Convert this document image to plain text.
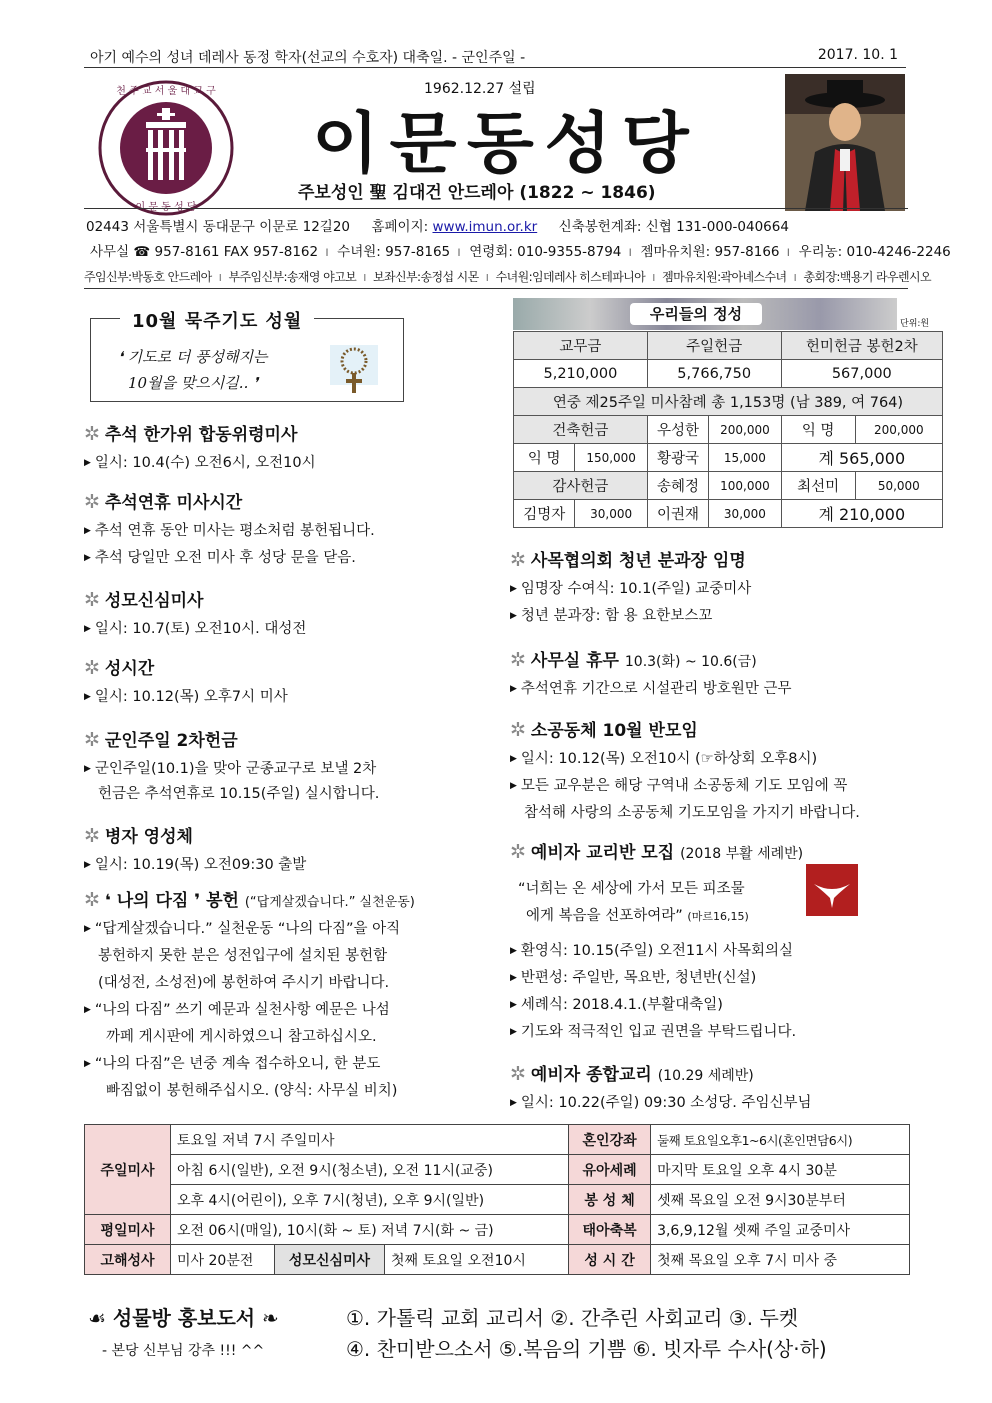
아기 예수의 성녀 데레사 동정 학자(선교의 수호자) 대축일. - 군인주일 -	2017. 10. 1
천 주 교 서 울 대 교 구
이 문 동 성 당
1962.12.27 설립
이문동성당
주보성인 聖 김대건 안드레아 (1822 ~ 1846)
02443 서울특별시 동대문구 이문로 12길20 홈페이지: www.imun.or.kr 신축봉헌계좌: 신협 131-000-040664
사무실 ☎ 957-8161 FAX 957-8162 ı 수녀원: 957-8165 ı 연령회: 010-9355-8794 ı 젬마유치원: 957-8166 ı 우리농: 010-4246-2246
주임신부:박동호 안드레아 ı 부주임신부:송재영 야고보 ı 보좌신부:송정섭 시몬 ı 수녀원:임데레사 히스테파니아 ı 젬마유치원:곽아녜스수녀 ı 총회장:백용기 라우렌시오
10월 묵주기도 성월
❛ 기도로 더 풍성해지는
10월을 맞으시길.. ❜
✲ 추석 한가위 합동위령미사
▶ 일시: 10.4(수) 오전6시, 오전10시
✲ 추석연휴 미사시간
▶ 추석 연휴 동안 미사는 평소처럼 봉헌됩니다.
▶ 추석 당일만 오전 미사 후 성당 문을 닫음.
✲ 성모신심미사
▶ 일시: 10.7(토) 오전10시. 대성전
✲ 성시간
▶ 일시: 10.12(목) 오후7시 미사
✲ 군인주일 2차헌금
▶ 군인주일(10.1)을 맞아 군종교구로 보낼 2차
헌금은 추석연휴로 10.15(주일) 실시합니다.
✲ 병자 영성체
▶ 일시: 10.19(목) 오전09:30 출발
✲ ❛ 나의 다짐 ❜ 봉헌 (“답게살겠습니다.” 실천운동)
▶ “답게살겠습니다.” 실천운동 “나의 다짐”을 아직
봉헌하지 못한 분은 성전입구에 설치된 봉헌함
(대성전, 소성전)에 봉헌하여 주시기 바랍니다.
▶ “나의 다짐” 쓰기 예문과 실천사항 예문은 나섬
까페 게시판에 게시하였으니 참고하십시오.
▶ “나의 다짐”은 년중 계속 접수하오니, 한 분도
빠짐없이 봉헌해주십시오. (양식: 사무실 비치)
우리들의 정성
단위:원
교무금		주일헌금		헌미헌금 봉헌2차	
5,210,000		5,766,750		567,000	
연중 제25주일 미사참례 총 1,153명 (남 389, 여 764)					
건축헌금		우성한	200,000	익 명	200,000
익 명	150,000	황광국	15,000	계 565,000	
감사헌금		송혜정	100,000	최선미	50,000
김명자	30,000	이권재	30,000	계 210,000	
✲ 사목협의회 청년 분과장 임명
▶ 임명장 수여식: 10.1(주일) 교중미사
▶ 청년 분과장: 함 용 요한보스꼬
✲ 사무실 휴무 10.3(화) ~ 10.6(금)
▶ 추석연휴 기간으로 시설관리 방호원만 근무
✲ 소공동체 10월 반모임
▶ 일시: 10.12(목) 오전10시 (☞하상회 오후8시)
▶ 모든 교우분은 해당 구역내 소공동체 기도 모임에 꼭
참석해 사랑의 소공동체 기도모임을 가지기 바랍니다.
✲ 예비자 교리반 모집 (2018 부활 세례반)
“너희는 온 세상에 가서 모든 피조물
에게 복음을 선포하여라” (마르16,15)
▶ 환영식: 10.15(주일) 오전11시 사목회의실
▶ 반편성: 주일반, 목요반, 청년반(신설)
▶ 세례식: 2018.4.1.(부활대축일)
▶ 기도와 적극적인 입교 권면을 부탁드립니다.
✲ 예비자 종합교리 (10.29 세례반)
▶ 일시: 10.22(주일) 09:30 소성당. 주임신부님
주일미사	토요일 저녁 7시 주일미사			혼인강좌	둘째 토요일오후1~6시(혼인면담6시)
	아침 6시(일반), 오전 9시(청소년), 오전 11시(교중)			유아세례	마지막 토요일 오후 4시 30분
	오후 4시(어린이), 오후 7시(청년), 오후 9시(일반)			봉 성 체	셋째 목요일 오전 9시30분부터
평일미사	오전 06시(매일), 10시(화 ~ 토) 저녁 7시(화 ~ 금)			태아축복	3,6,9,12월 셋째 주일 교중미사
고해성사	미사 20분전	성모신심미사	첫째 토요일 오전10시	성 시 간	첫째 목요일 오후 7시 미사 중
☙ 성물방 홍보도서 ❧
- 본당 신부님 강추 !!! ^^
①. 가톨릭 교회 교리서 ②. 간추린 사회교리 ③. 두켓
④. 찬미받으소서 ⑤.복음의 기쁨 ⑥. 빗자루 수사(상·하)
